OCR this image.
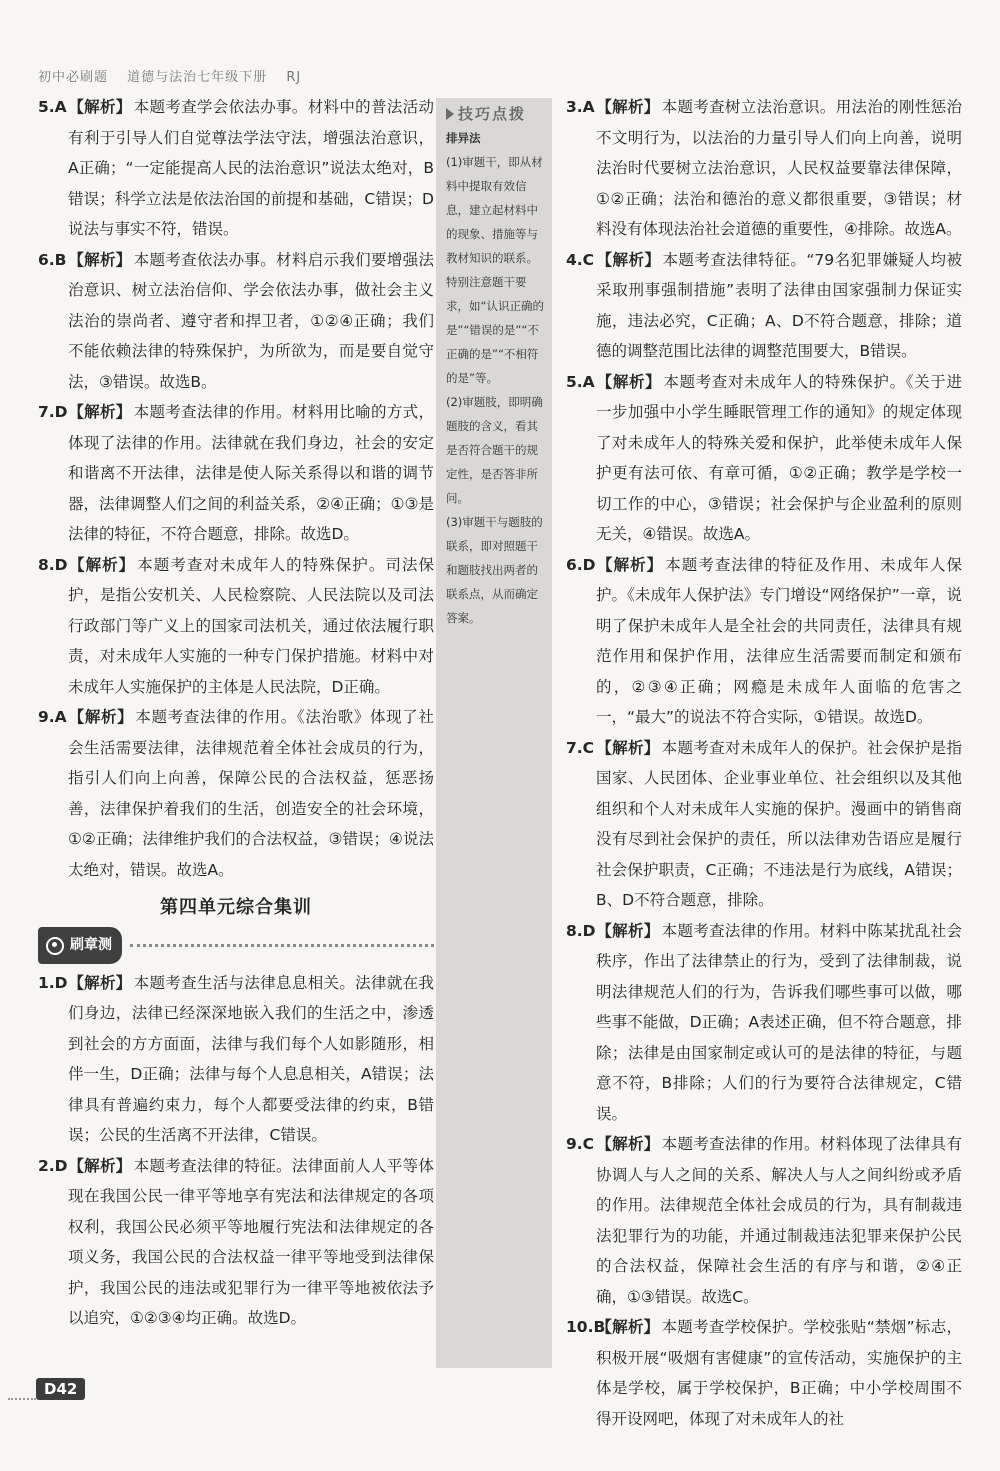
初中必刷题 道德与法治七年级下册 RJ

5.A【解析】 本题考查学会依法办事。材料中的普法活动有利于引导人们自觉尊法学法守法，增强法治意识，A正确；“一定能提高人民的法治意识”说法太绝对，B错误；科学立法是依法治国的前提和基础，C错误；D说法与事实不符，错误。

6.B【解析】 本题考查依法办事。材料启示我们要增强法治意识、树立法治信仰、学会依法办事，做社会主义法治的崇尚者、遵守者和捍卫者，①②④正确；我们不能依赖法律的特殊保护，为所欲为，而是要自觉守法，③错误。故选B。

7.D【解析】 本题考查法律的作用。材料用比喻的方式，体现了法律的作用。法律就在我们身边，社会的安定和谐离不开法律，法律是使人际关系得以和谐的调节器，法律调整人们之间的利益关系，②④正确；①③是法律的特征，不符合题意，排除。故选D。

8.D【解析】 本题考查对未成年人的特殊保护。司法保护，是指公安机关、人民检察院、人民法院以及司法行政部门等广义上的国家司法机关，通过依法履行职责，对未成年人实施的一种专门保护措施。材料中对未成年人实施保护的主体是人民法院，D正确。

9.A【解析】 本题考查法律的作用。《法治歌》体现了社会生活需要法律，法律规范着全体社会成员的行为，指引人们向上向善，保障公民的合法权益，惩恶扬善，法律保护着我们的生活，创造安全的社会环境，①②正确；法律维护我们的合法权益，③错误；④说法太绝对，错误。故选A。

第四单元综合集训
刷章测

1.D【解析】 本题考查生活与法律息息相关。法律就在我们身边，法律已经深深地嵌入我们的生活之中，渗透到社会的方方面面，法律与我们每个人如影随形，相伴一生，D正确；法律与每个人息息相关，A错误；法律具有普遍约束力，每个人都要受法律的约束，B错误；公民的生活离不开法律，C错误。

2.D【解析】 本题考查法律的特征。法律面前人人平等体现在我国公民一律平等地享有宪法和法律规定的各项权利，我国公民必须平等地履行宪法和法律规定的各项义务，我国公民的合法权益一律平等地受到法律保护，我国公民的违法或犯罪行为一律平等地被依法予以追究，①②③④均正确。故选D。

技巧点拨

排异法

(1)审题干，即从材料中提取有效信息，建立起材料中的现象、措施等与教材知识的联系。特别注意题干要求，如“认识正确的是”“错误的是”“不正确的是”“不相符的是”等。

(2)审题肢，即明确题肢的含义，看其是否符合题干的规定性，是否答非所问。

(3)审题干与题肢的联系，即对照题干和题肢找出两者的联系点，从而确定答案。

3.A【解析】 本题考查树立法治意识。用法治的刚性惩治不文明行为，以法治的力量引导人们向上向善，说明法治时代要树立法治意识，人民权益要靠法律保障，①②正确；法治和德治的意义都很重要，③错误；材料没有体现法治社会道德的重要性，④排除。故选A。

4.C 【解析】 本题考查法律特征。“79名犯罪嫌疑人均被采取刑事强制措施”表明了法律由国家强制力保证实施，违法必究，C正确；A、D不符合题意，排除；道德的调整范围比法律的调整范围要大，B错误。

5.A【解析】 本题考查对未成年人的特殊保护。《关于进一步加强中小学生睡眠管理工作的通知》的规定体现了对未成年人的特殊关爱和保护，此举使未成年人保护更有法可依、有章可循，①②正确；教学是学校一切工作的中心，③错误；社会保护与企业盈利的原则无关，④错误。故选A。

6.D【解析】 本题考查法律的特征及作用、未成年人保护。《未成年人保护法》专门增设“网络保护”一章，说明了保护未成年人是全社会的共同责任，法律具有规范作用和保护作用，法律应生活需要而制定和颁布的，②③④正确；网瘾是未成年人面临的危害之一，“最大”的说法不符合实际，①错误。故选D。

7.C 【解析】 本题考查对未成年人的保护。社会保护是指国家、人民团体、企业事业单位、社会组织以及其他组织和个人对未成年人实施的保护。漫画中的销售商没有尽到社会保护的责任，所以法律劝告语应是履行社会保护职责，C正确；不违法是行为底线，A错误；B、D不符合题意，排除。

8.D【解析】 本题考查法律的作用。材料中陈某扰乱社会秩序，作出了法律禁止的行为，受到了法律制裁，说明法律规范人们的行为，告诉我们哪些事可以做，哪些事不能做，D正确；A表述正确，但不符合题意，排除；法律是由国家制定或认可的是法律的特征，与题意不符，B排除；人们的行为要符合法律规定，C错误。

9.C 【解析】 本题考查法律的作用。材料体现了法律具有协调人与人之间的关系、解决人与人之间纠纷或矛盾的作用。法律规范全体社会成员的行为，具有制裁违法犯罪行为的功能，并通过制裁违法犯罪来保护公民的合法权益，保障社会生活的有序与和谐，②④正确，①③错误。故选C。

10.B【解析】 本题考查学校保护。学校张贴“禁烟”标志，积极开展“吸烟有害健康”的宣传活动，实施保护的主体是学校，属于学校保护，B正确；中小学校周围不得开设网吧，体现了对未成年人的社

D42
